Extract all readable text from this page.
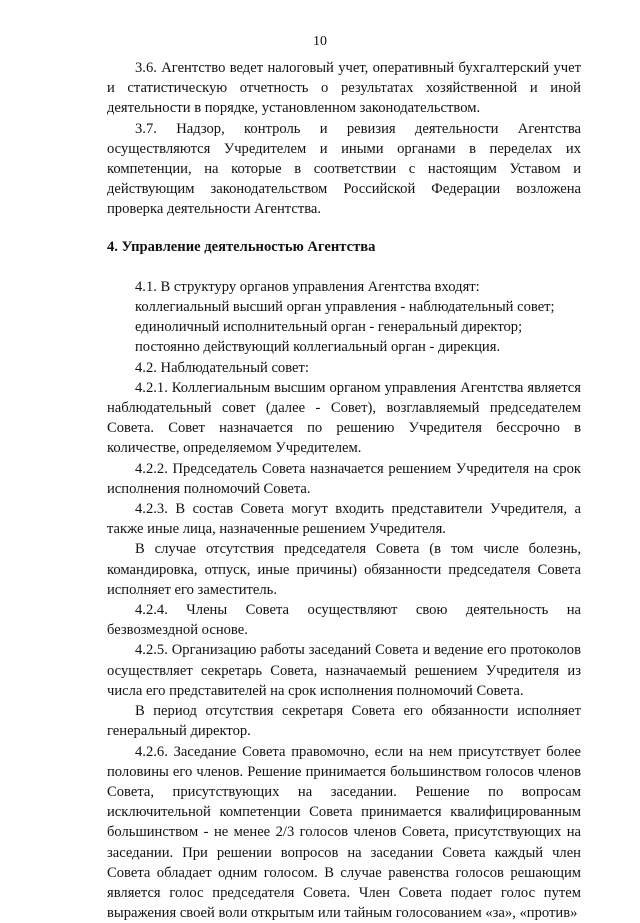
10

3.6. Агентство ведет налоговый учет, оперативный бухгалтерский учет и статистическую отчетность о результатах хозяйственной и иной деятельности в порядке, установленном законодательством.

3.7. Надзор, контроль и ревизия деятельности Агентства осуществляются Учредителем и иными органами в переделах их компетенции, на которые в соответствии с настоящим Уставом и действующим законодательством Российской Федерации возложена проверка деятельности Агентства.

4. Управление деятельностью Агентства

4.1. В структуру органов управления Агентства входят:

коллегиальный высший орган управления - наблюдательный совет;

единоличный исполнительный орган - генеральный директор;

постоянно действующий коллегиальный орган - дирекция.

4.2. Наблюдательный совет:

4.2.1. Коллегиальным высшим органом управления Агентства является наблюдательный совет (далее - Совет), возглавляемый председателем Совета. Совет назначается по решению Учредителя бессрочно в количестве, определяемом Учредителем.

4.2.2. Председатель Совета назначается решением Учредителя на срок исполнения полномочий Совета.

4.2.3. В состав Совета могут входить представители Учредителя, а также иные лица, назначенные решением Учредителя.

В случае отсутствия председателя Совета (в том числе болезнь, командировка, отпуск, иные причины) обязанности председателя Совета исполняет его заместитель.

4.2.4. Члены Совета осуществляют свою деятельность на безвозмездной основе.

4.2.5. Организацию работы заседаний Совета и ведение его протоколов осуществляет секретарь Совета, назначаемый решением Учредителя из числа его представителей на срок исполнения полномочий Совета.

В период отсутствия секретаря Совета его обязанности исполняет генеральный директор.

4.2.6. Заседание Совета правомочно, если на нем присутствует более половины его членов. Решение принимается большинством голосов членов Совета, присутствующих на заседании. Решение по вопросам исключительной компетенции Совета принимается квалифицированным большинством - не менее 2/3 голосов членов Совета, присутствующих на заседании. При решении вопросов на заседании Совета каждый член Совета обладает одним голосом. В случае равенства голосов решающим является голос председателя Совета. Член Совета подает голос путем выражения своей воли открытым или тайным голосованием «за», «против»
